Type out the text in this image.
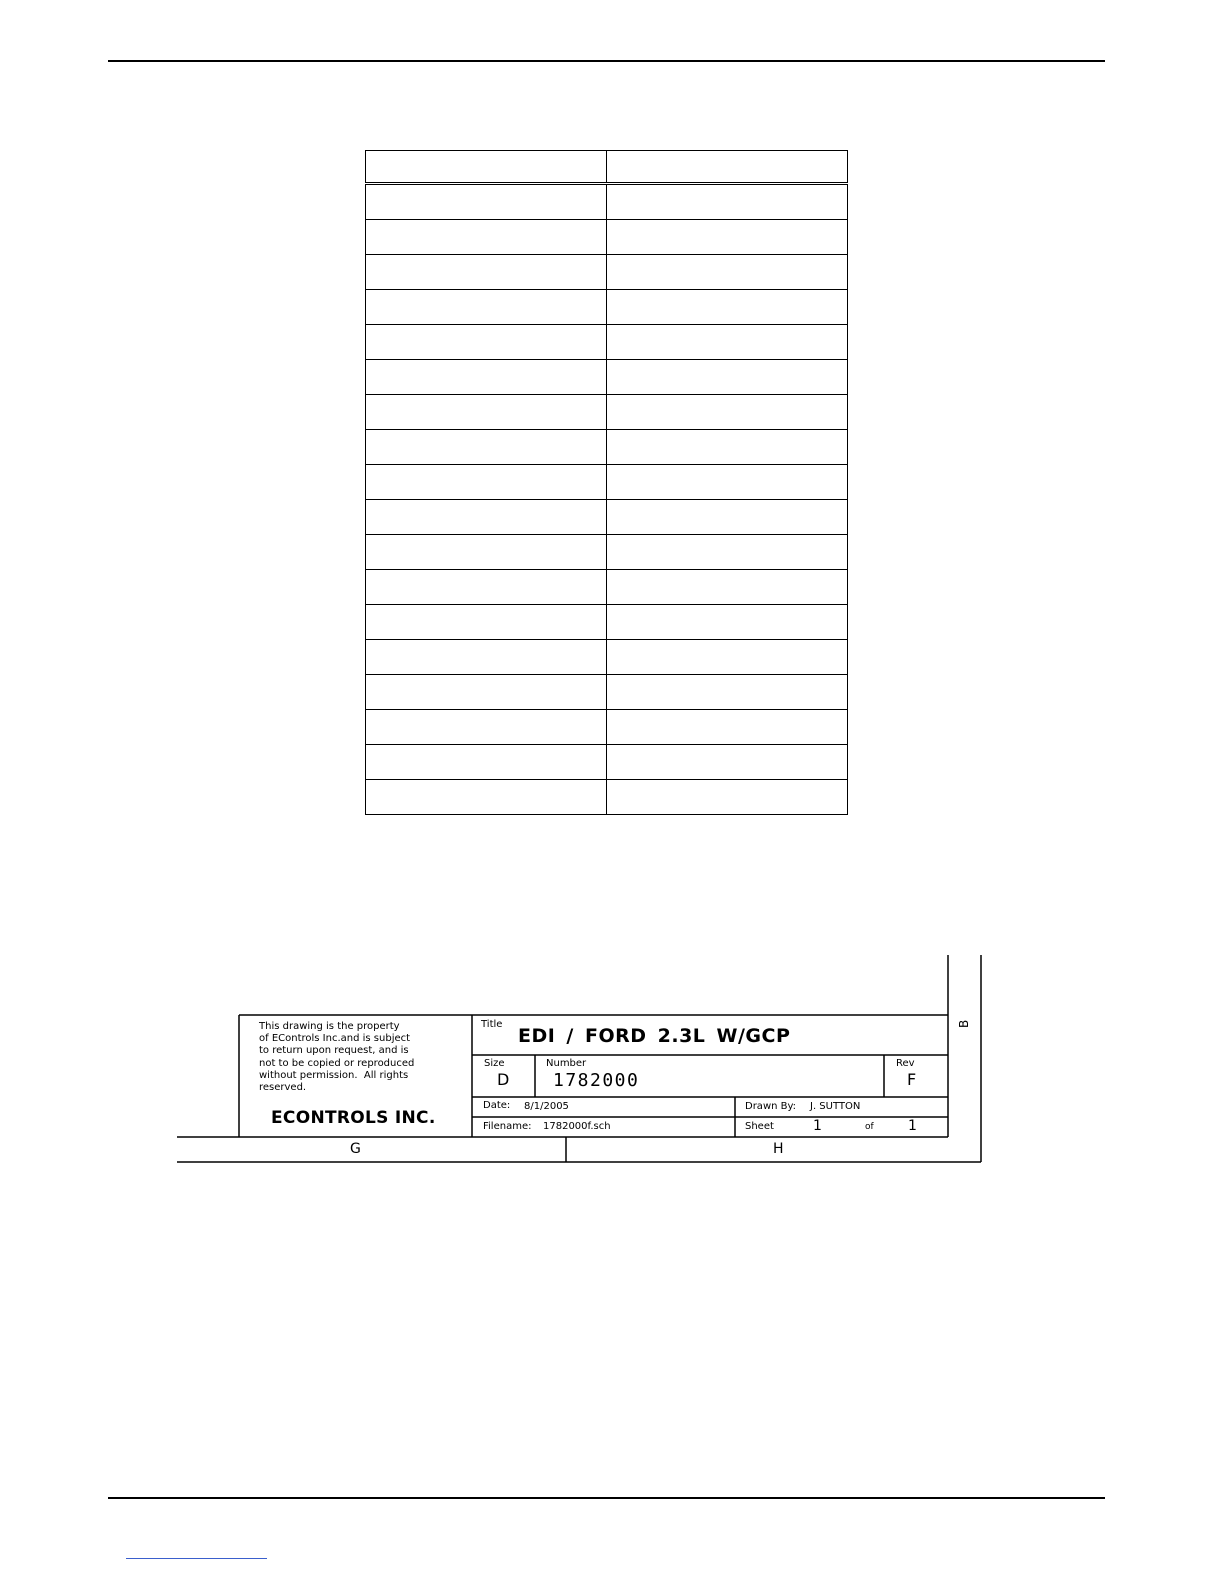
This drawing is the property
of EControls Inc.and is subject
to return upon request, and is
not to be copied or reproduced
without permission.  All rights
reserved.
ECONTROLS INC.
Title
EDI / FORD 2.3L W/GCP
Size
D
Number
1782000
Rev
F
Date: 8/1/2005	Drawn By: J. SUTTON
Filename: 1782000f.sch	Sheet	1	of 1
G	H
B
